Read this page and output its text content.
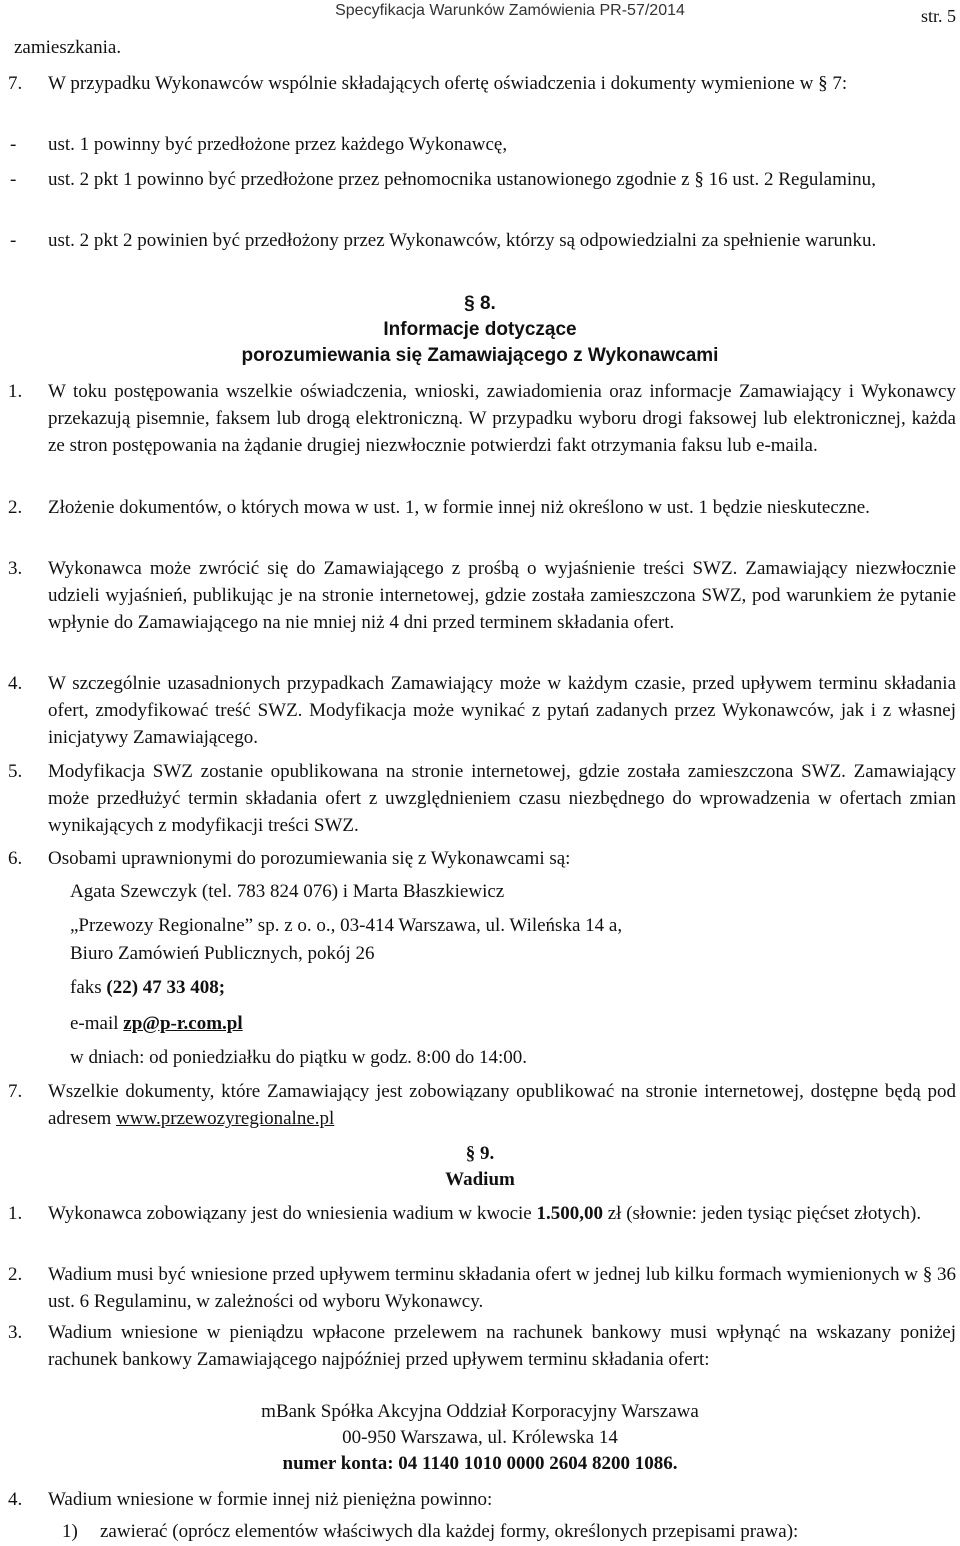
Specyfikacja Warunków Zamówienia PR-57/2014	str. 5
zamieszkania.
7. W przypadku Wykonawców wspólnie składających ofertę oświadczenia i dokumenty wymienione w § 7:
- ust. 1 powinny być przedłożone przez każdego Wykonawcę,
- ust. 2 pkt 1 powinno być przedłożone przez pełnomocnika ustanowionego zgodnie z § 16 ust. 2 Regulaminu,
- ust. 2 pkt 2 powinien być przedłożony przez Wykonawców, którzy są odpowiedzialni za spełnienie warunku.
§ 8.
Informacje dotyczące
porozumiewania się Zamawiającego z Wykonawcami
1. W toku postępowania wszelkie oświadczenia, wnioski, zawiadomienia oraz informacje Zamawiający i Wykonawcy przekazują pisemnie, faksem lub drogą elektroniczną. W przypadku wyboru drogi faksowej lub elektronicznej, każda ze stron postępowania na żądanie drugiej niezwłocznie potwierdzi fakt otrzymania faksu lub e-maila.
2. Złożenie dokumentów, o których mowa w ust. 1, w formie innej niż określono w ust. 1 będzie nieskuteczne.
3. Wykonawca może zwrócić się do Zamawiającego z prośbą o wyjaśnienie treści SWZ. Zamawiający niezwłocznie udzieli wyjaśnień, publikując je na stronie internetowej, gdzie została zamieszczona SWZ, pod warunkiem że pytanie wpłynie do Zamawiającego na nie mniej niż 4 dni przed terminem składania ofert.
4. W szczególnie uzasadnionych przypadkach Zamawiający może w każdym czasie, przed upływem terminu składania ofert, zmodyfikować treść SWZ. Modyfikacja może wynikać z pytań zadanych przez Wykonawców, jak i z własnej inicjatywy Zamawiającego.
5. Modyfikacja SWZ zostanie opublikowana na stronie internetowej, gdzie została zamieszczona SWZ. Zamawiający może przedłużyć termin składania ofert z uwzględnieniem czasu niezbędnego do wprowadzenia w ofertach zmian wynikających z modyfikacji treści SWZ.
6. Osobami uprawnionymi do porozumiewania się z Wykonawcami są:
Agata Szewczyk (tel. 783 824 076) i Marta Błaszkiewicz
„Przewozy Regionalne” sp. z o. o., 03-414 Warszawa, ul. Wileńska 14 a,
Biuro Zamówień Publicznych, pokój 26
faks (22) 47 33 408;
e-mail zp@p-r.com.pl
w dniach: od poniedziałku do piątku w godz. 8:00 do 14:00.
7. Wszelkie dokumenty, które Zamawiający jest zobowiązany opublikować na stronie internetowej, dostępne będą pod adresem www.przewozyregionalne.pl
§ 9.
Wadium
1. Wykonawca zobowiązany jest do wniesienia wadium w kwocie 1.500,00 zł (słownie: jeden tysiąc pięćset złotych).
2. Wadium musi być wniesione przed upływem terminu składania ofert w jednej lub kilku formach wymienionych w § 36 ust. 6 Regulaminu, w zależności od wyboru Wykonawcy.
3. Wadium wniesione w pieniądzu wpłacone przelewem na rachunek bankowy musi wpłynąć na wskazany poniżej rachunek bankowy Zamawiającego najpóźniej przed upływem terminu składania ofert:
mBank Spółka Akcyjna Oddział Korporacyjny Warszawa
00-950 Warszawa, ul. Królewska 14
numer konta: 04 1140 1010 0000 2604 8200 1086.
4. Wadium wniesione w formie innej niż pieniężna powinno:
1) zawierać (oprócz elementów właściwych dla każdej formy, określonych przepisami prawa):
